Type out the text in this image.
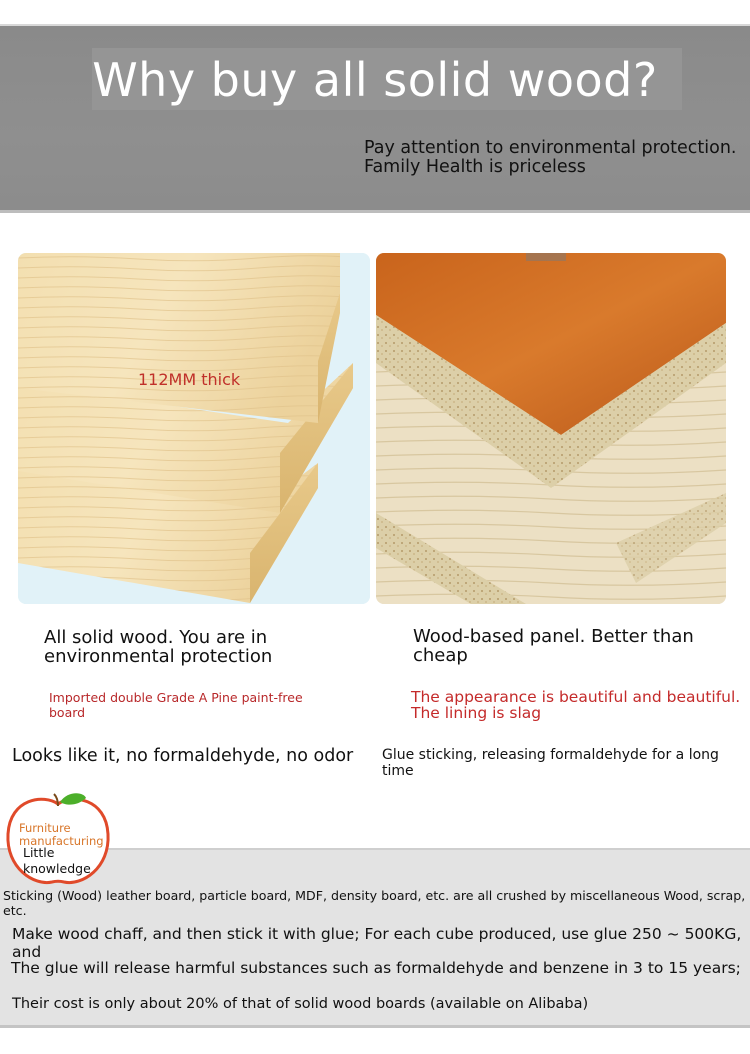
Why buy all solid wood?
Pay attention to environmental protection.
Family Health is priceless
112MM thick
All solid wood. You are in environmental protection
Wood-based panel. Better than cheap
Imported double Grade A Pine paint-free board
The appearance is beautiful and beautiful. The lining is slag
Looks like it, no formaldehyde, no odor Glue sticking, releasing formaldehyde for a long time
Furniture manufacturing
Little knowledge
Sticking (Wood) leather board, particle board, MDF, density board, etc. are all crushed by miscellaneous Wood, scrap, etc.
Make wood chaff, and then stick it with glue; For each cube produced, use glue 250 ~ 500KG, and
The glue will release harmful substances such as formaldehyde and benzene in 3 to 15 years;
Their cost is only about 20% of that of solid wood boards (available on Alibaba)
